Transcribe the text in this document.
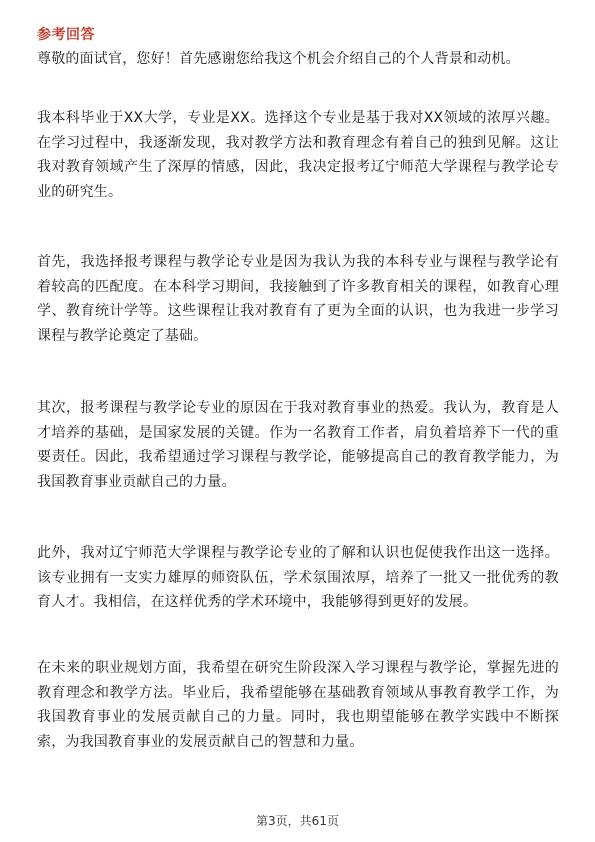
参考回答

尊敬的面试官，您好！首先感谢您给我这个机会介绍自己的个人背景和动机。

我本科毕业于XX大学，专业是XX。选择这个专业是基于我对XX领域的浓厚兴趣。在学习过程中，我逐渐发现，我对教学方法和教育理念有着自己的独到见解。这让我对教育领域产生了深厚的情感，因此，我决定报考辽宁师范大学课程与教学论专业的研究生。

首先，我选择报考课程与教学论专业是因为我认为我的本科专业与课程与教学论有着较高的匹配度。在本科学习期间，我接触到了许多教育相关的课程，如教育心理学、教育统计学等。这些课程让我对教育有了更为全面的认识，也为我进一步学习课程与教学论奠定了基础。

其次，报考课程与教学论专业的原因在于我对教育事业的热爱。我认为，教育是人才培养的基础，是国家发展的关键。作为一名教育工作者，肩负着培养下一代的重要责任。因此，我希望通过学习课程与教学论，能够提高自己的教育教学能力，为我国教育事业贡献自己的力量。

此外，我对辽宁师范大学课程与教学论专业的了解和认识也促使我作出这一选择。该专业拥有一支实力雄厚的师资队伍，学术氛围浓厚，培养了一批又一批优秀的教育人才。我相信，在这样优秀的学术环境中，我能够得到更好的发展。

在未来的职业规划方面，我希望在研究生阶段深入学习课程与教学论，掌握先进的教育理念和教学方法。毕业后，我希望能够在基础教育领域从事教育教学工作，为我国教育事业的发展贡献自己的力量。同时，我也期望能够在教学实践中不断探索，为我国教育事业的发展贡献自己的智慧和力量。

第3页，共61页
